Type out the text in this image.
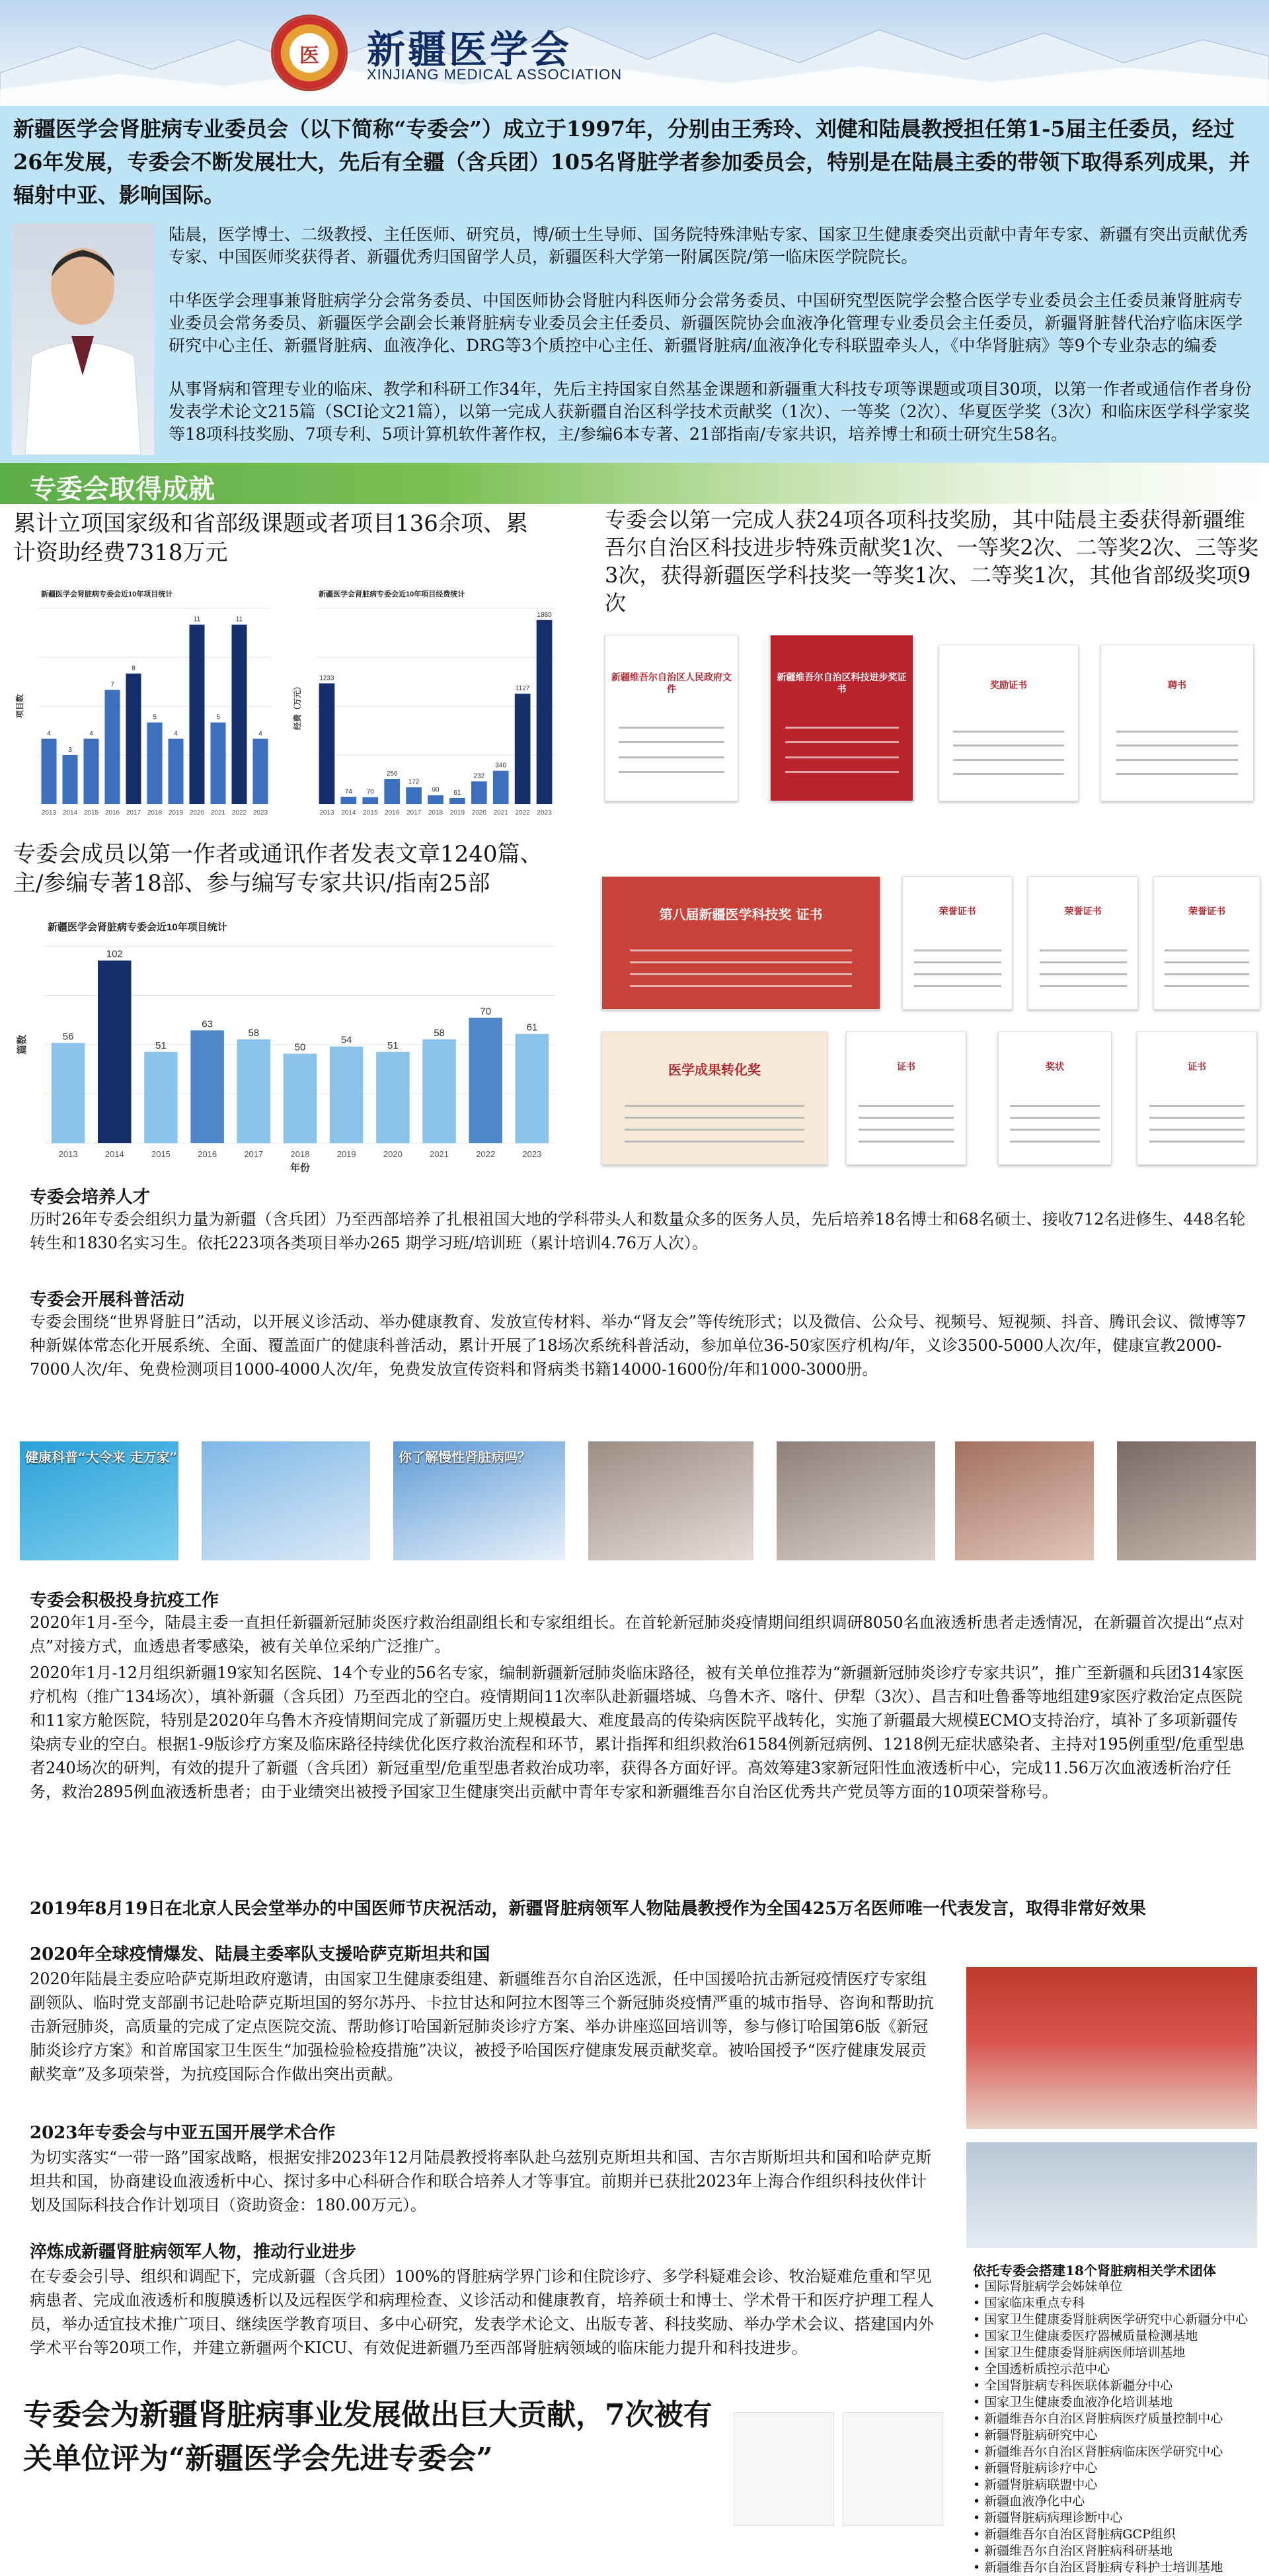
医	新疆医学会
XINJIANG MEDICAL ASSOCIATION
新疆医学会肾脏病专业委员会（以下简称“专委会”）成立于1997年，分别由王秀玲、刘健和陆晨教授担任第1-5届主任委员，经过26年发展，专委会不断发展壮大，先后有全疆（含兵团）105名肾脏学者参加委员会，特别是在陆晨主委的带领下取得系列成果，并辐射中亚、影响国际。
陆晨，医学博士、二级教授、主任医师、研究员，博/硕士生导师、国务院特殊津贴专家、国家卫生健康委突出贡献中青年专家、新疆有突出贡献优秀专家、中国医师奖获得者、新疆优秀归国留学人员，新疆医科大学第一附属医院/第一临床医学院院长。
中华医学会理事兼肾脏病学分会常务委员、中国医师协会肾脏内科医师分会常务委员、中国研究型医院学会整合医学专业委员会主任委员兼肾脏病专业委员会常务委员、新疆医学会副会长兼肾脏病专业委员会主任委员、新疆医院协会血液净化管理专业委员会主任委员，新疆肾脏替代治疗临床医学研究中心主任、新疆肾脏病、血液净化、DRG等3个质控中心主任、新疆肾脏病/血液净化专科联盟牵头人，《中华肾脏病》等9个专业杂志的编委
从事肾病和管理专业的临床、教学和科研工作34年，先后主持国家自然基金课题和新疆重大科技专项等课题或项目30项，以第一作者或通信作者身份发表学术论文215篇（SCI论文21篇），以第一完成人获新疆自治区科学技术贡献奖（1次）、一等奖（2次）、华夏医学奖（3次）和临床医学科学家奖等18项科技奖励、7项专利、5项计算机软件著作权，主/参编6本专著、21部指南/专家共识，培养博士和硕士研究生58名。
专委会取得成就
累计立项国家级和省部级课题或者项目136余项、累计资助经费7318万元
专委会以第一完成人获24项各项科技奖励，其中陆晨主委获得新疆维吾尔自治区科技进步特殊贡献奖1次、一等奖2次、二等奖2次、三等奖3次，获得新疆医学科技奖一等奖1次、二等奖1次，其他省部级奖项9次
新疆医学会肾脏病专委会近10年项目统计
4
2013
3
2014
4
2015
7
2016
8
2017
5
2018
4
2019
11
2020
5
2021
11
2022
4
2023
项目数
新疆医学会肾脏病专委会近10年项目经费统计
1233
2013
74
2014
70
2015
256
2016
172
2017
90
2018
61
2019
232
2020
340
2021
1127
2022
1880
2023
经费（万元）
专委会成员以第一作者或通讯作者发表文章1240篇、主/参编专著18部、参与编写专家共识/指南25部
新疆医学会肾脏病专委会近10年项目统计
56
2013
102
2014
51
2015
63
2016
58
2017
50
2018
54
2019
51
2020
58
2021
70
2022
61
2023
篇数
年份
新疆维吾尔自治区人民政府文件
新疆维吾尔自治区科技进步奖证书	奖励证书	聘书
第八届新疆医学科技奖 证书	荣誉证书	荣誉证书	荣誉证书
医学成果转化奖	证书	奖状	证书
专委会培养人才
历时26年专委会组织力量为新疆（含兵团）乃至西部培养了扎根祖国大地的学科带头人和数量众多的医务人员，先后培养18名博士和68名硕士、接收712名进修生、448名轮转生和1830名实习生。依托223项各类项目举办265 期学习班/培训班（累计培训4.76万人次）。
专委会开展科普活动
专委会围绕“世界肾脏日”活动，以开展义诊活动、举办健康教育、发放宣传材料、举办“肾友会”等传统形式；以及微信、公众号、视频号、短视频、抖音、腾讯会议、微博等7种新媒体常态化开展系统、全面、覆盖面广的健康科普活动，累计开展了18场次系统科普活动，参加单位36-50家医疗机构/年，义诊3500-5000人次/年，健康宣教2000-7000人次/年、免费检测项目1000-4000人次/年，免费发放宣传资料和肾病类书籍14000-1600份/年和1000-3000册。
健康科普“大令来 走万家”	你了解慢性肾脏病吗？
专委会积极投身抗疫工作
2020年1月-至今，陆晨主委一直担任新疆新冠肺炎医疗救治组副组长和专家组组长。在首轮新冠肺炎疫情期间组织调研8050名血液透析患者走透情况，在新疆首次提出“点对点”对接方式，血透患者零感染，被有关单位采纳广泛推广。
2020年1月-12月组织新疆19家知名医院、14个专业的56名专家，编制新疆新冠肺炎临床路径，被有关单位推荐为“新疆新冠肺炎诊疗专家共识”，推广至新疆和兵团314家医疗机构（推广134场次），填补新疆（含兵团）乃至西北的空白。疫情期间11次率队赴新疆塔城、乌鲁木齐、喀什、伊犁（3次）、昌吉和吐鲁番等地组建9家医疗救治定点医院和11家方舱医院，特别是2020年乌鲁木齐疫情期间完成了新疆历史上规模最大、难度最高的传染病医院平战转化，实施了新疆最大规模ECMO支持治疗，填补了多项新疆传染病专业的空白。根据1-9版诊疗方案及临床路径持续优化医疗救治流程和环节，累计指挥和组织救治61584例新冠病例、1218例无症状感染者、主持对195例重型/危重型患者240场次的研判，有效的提升了新疆（含兵团）新冠重型/危重型患者救治成功率，获得各方面好评。高效筹建3家新冠阳性血液透析中心，完成11.56万次血液透析治疗任务，救治2895例血液透析患者；由于业绩突出被授予国家卫生健康突出贡献中青年专家和新疆维吾尔自治区优秀共产党员等方面的10项荣誉称号。
2019年8月19日在北京人民会堂举办的中国医师节庆祝活动，新疆肾脏病领军人物陆晨教授作为全国425万名医师唯一代表发言，取得非常好效果
2020年全球疫情爆发、陆晨主委率队支援哈萨克斯坦共和国
2020年陆晨主委应哈萨克斯坦政府邀请，由国家卫生健康委组建、新疆维吾尔自治区选派，任中国援哈抗击新冠疫情医疗专家组副领队、临时党支部副书记赴哈萨克斯坦国的努尔苏丹、卡拉甘达和阿拉木图等三个新冠肺炎疫情严重的城市指导、咨询和帮助抗击新冠肺炎，高质量的完成了定点医院交流、帮助修订哈国新冠肺炎诊疗方案、举办讲座巡回培训等，参与修订哈国第6版《新冠肺炎诊疗方案》和首席国家卫生医生“加强检验检疫措施”决议，被授予哈国医疗健康发展贡献奖章。被哈国授予“医疗健康发展贡献奖章”及多项荣誉，为抗疫国际合作做出突出贡献。
2023年专委会与中亚五国开展学术合作
为切实落实“一带一路”国家战略，根据安排2023年12月陆晨教授将率队赴乌兹别克斯坦共和国、吉尔吉斯斯坦共和国和哈萨克斯坦共和国，协商建设血液透析中心、探讨多中心科研合作和联合培养人才等事宜。前期并已获批2023年上海合作组织科技伙伴计划及国际科技合作计划项目（资助资金：180.00万元）。
淬炼成新疆肾脏病领军人物，推动行业进步
在专委会引导、组织和调配下，完成新疆（含兵团）100%的肾脏病学界门诊和住院诊疗、多学科疑难会诊、牧治疑难危重和罕见病患者、完成血液透析和腹膜透析以及远程医学和病理检查、义诊活动和健康教育，培养硕士和博士、学术骨干和医疗护理工程人员，举办适宜技术推广项目、继续医学教育项目、多中心研究，发表学术论文、出版专著、科技奖励、举办学术会议、搭建国内外学术平台等20项工作，并建立新疆两个KICU、有效促进新疆乃至西部肾脏病领域的临床能力提升和科技进步。
依托专委会搭建18个肾脏病相关学术团体
• 国际肾脏病学会姊妹单位
• 国家临床重点专科
• 国家卫生健康委肾脏病医学研究中心新疆分中心
• 国家卫生健康委医疗器械质量检测基地
• 国家卫生健康委肾脏病医师培训基地
• 全国透析质控示范中心
• 全国肾脏病专科医联体新疆分中心
• 国家卫生健康委血液净化培训基地
• 新疆维吾尔自治区肾脏病医疗质量控制中心
• 新疆肾脏病研究中心
• 新疆维吾尔自治区肾脏病临床医学研究中心
• 新疆肾脏病诊疗中心
• 新疆肾脏病联盟中心
• 新疆血液净化中心
• 新疆肾脏病病理诊断中心
• 新疆维吾尔自治区肾脏病GCP组织
• 新疆维吾尔自治区肾脏病科研基地
• 新疆维吾尔自治区肾脏病专科护士培训基地
专委会为新疆肾脏病事业发展做出巨大贡献，7次被有关单位评为“新疆医学会先进专委会”
